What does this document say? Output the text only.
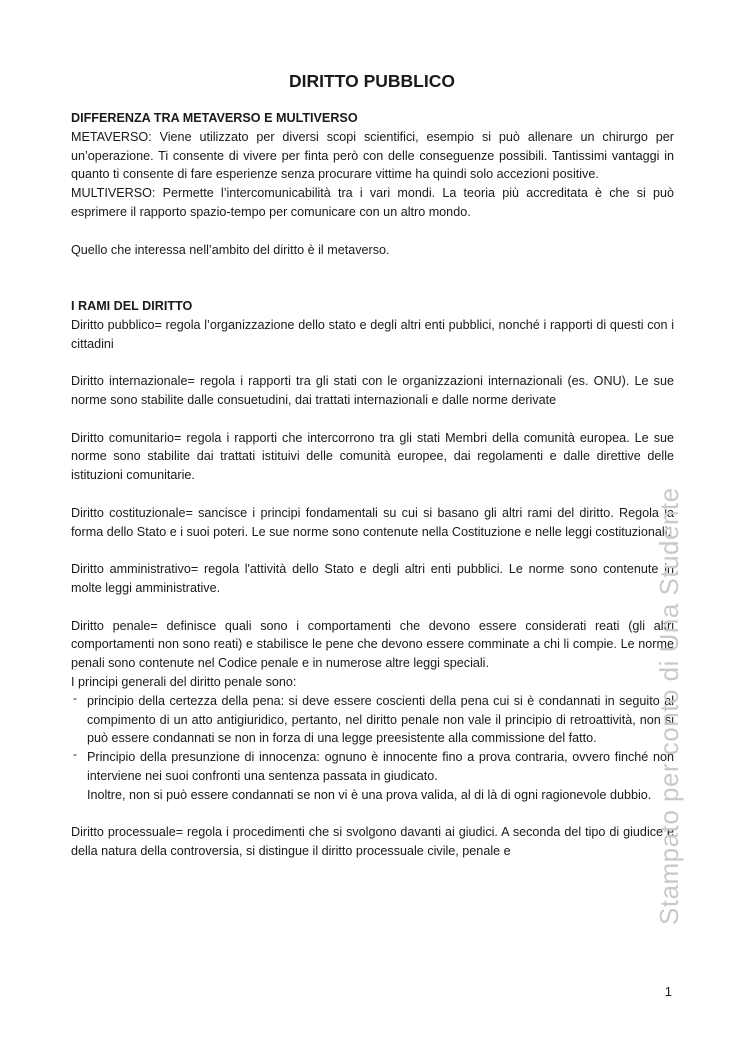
DIRITTO PUBBLICO

DIFFERENZA TRA METAVERSO E MULTIVERSO

METAVERSO: Viene utilizzato per diversi scopi scientifici, esempio si può allenare un chirurgo per un’operazione. Ti consente di vivere per finta però con delle conseguenze possibili. Tantissimi vantaggi in quanto ti consente di fare esperienze senza procurare vittime ha quindi solo accezioni positive.

MULTIVERSO: Permette l’intercomunicabilità tra i vari mondi. La teoria più accreditata è che si può esprimere il rapporto spazio-tempo per comunicare con un altro mondo.

Quello che interessa nell’ambito del diritto è il metaverso.

I RAMI DEL DIRITTO

Diritto pubblico= regola l’organizzazione dello stato e degli altri enti pubblici, nonché i rapporti di questi con i cittadini

Diritto internazionale= regola i rapporti tra gli stati con le organizzazioni internazionali (es. ONU). Le sue norme sono stabilite dalle consuetudini, dai trattati internazionali e dalle norme derivate

Diritto comunitario= regola i rapporti che intercorrono tra gli stati Membri della comunità europea. Le sue norme sono stabilite dai trattati istituivi delle comunità europee, dai regolamenti e dalle direttive delle istituzioni comunitarie.

Diritto costituzionale= sancisce i principi fondamentali su cui si basano gli altri rami del diritto. Regola la forma dello Stato e i suoi poteri. Le sue norme sono contenute nella Costituzione e nelle leggi costituzionali.

Diritto amministrativo= regola l'attività dello Stato e degli altri enti pubblici. Le norme sono contenute in molte leggi amministrative.

Diritto penale= definisce quali sono i comportamenti che devono essere considerati reati (gli altri comportamenti non sono reati) e stabilisce le pene che devono essere comminate a chi li compie. Le norme penali sono contenute nel Codice penale e in numerose altre leggi speciali.

I principi generali del diritto penale sono:

- principio della certezza della pena: si deve essere coscienti della pena cui si è condannati in seguito al compimento di un atto antigiuridico, pertanto, nel diritto penale non vale il principio di retroattività, non si può essere condannati se non in forza di una legge preesistente alla commissione del fatto.
- Principio della presunzione di innocenza: ognuno è innocente fino a prova contraria, ovvero finché non interviene nei suoi confronti una sentenza passata in giudicato.
Inoltre, non si può essere condannati se non vi è una prova valida, al di là di ogni ragionevole dubbio.

Diritto processuale= regola i procedimenti che si svolgono davanti ai giudici. A seconda del tipo di giudice e della natura della controversia, si distingue il diritto processuale civile, penale e

1
Stampato per conto di Una Studente
